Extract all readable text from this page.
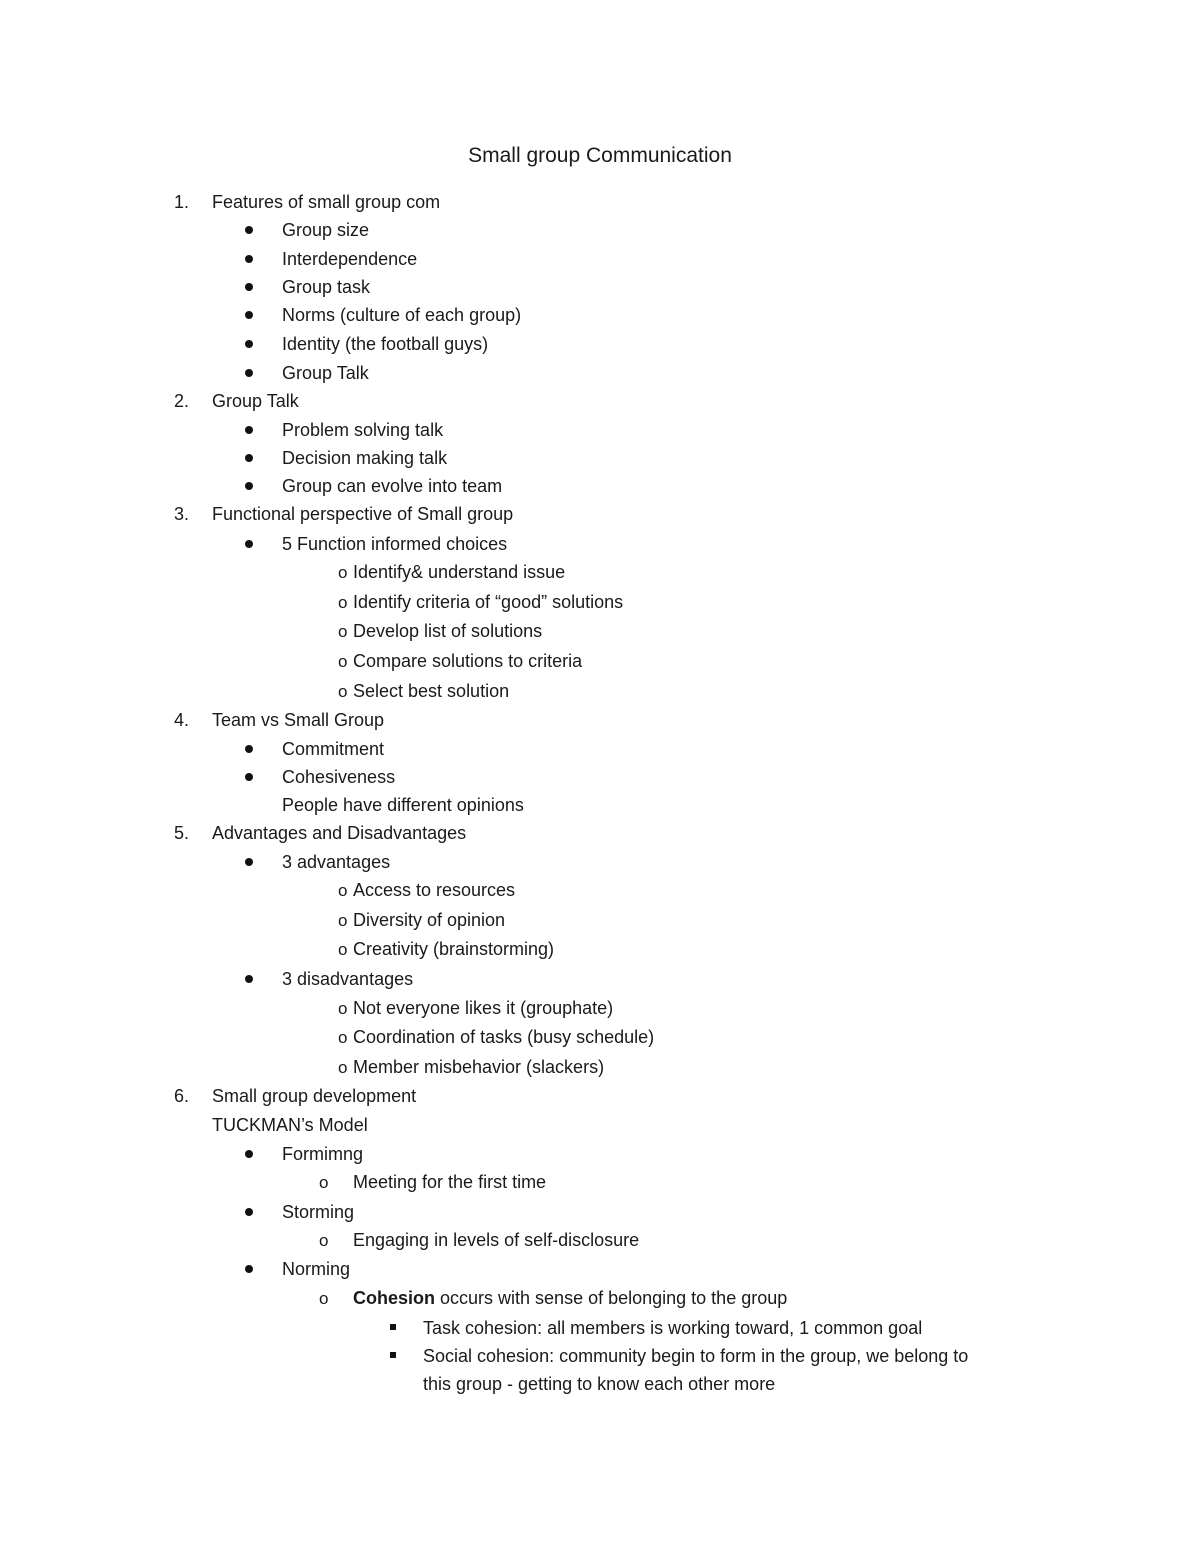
Small group Communication
1.	Features of small group com
Group size
Interdependence
Group task
Norms (culture of each group)
Identity (the football guys)
Group Talk
2.	Group Talk
Problem solving talk
Decision making talk
Group can evolve into team
3.	Functional perspective of Small group
5 Function informed choices
o Identify& understand issue
o Identify criteria of “good” solutions
o Develop list of solutions
o Compare solutions to criteria
o Select best solution
4.	Team vs Small Group
Commitment
Cohesiveness
People have different opinions
5.	Advantages and Disadvantages
3 advantages
o Access to resources
o Diversity of opinion
o Creativity (brainstorming)
3 disadvantages
o Not everyone likes it (grouphate)
o Coordination of tasks (busy schedule)
o Member misbehavior (slackers)
6.	Small group development
TUCKMAN’s Model
Formimng
o Meeting for the first time
Storming
o Engaging in levels of self-disclosure
Norming
o Cohesion occurs with sense of belonging to the group
Task cohesion: all members is working toward, 1 common goal
Social cohesion: community begin to form in the group, we belong to
this group - getting to know each other more
